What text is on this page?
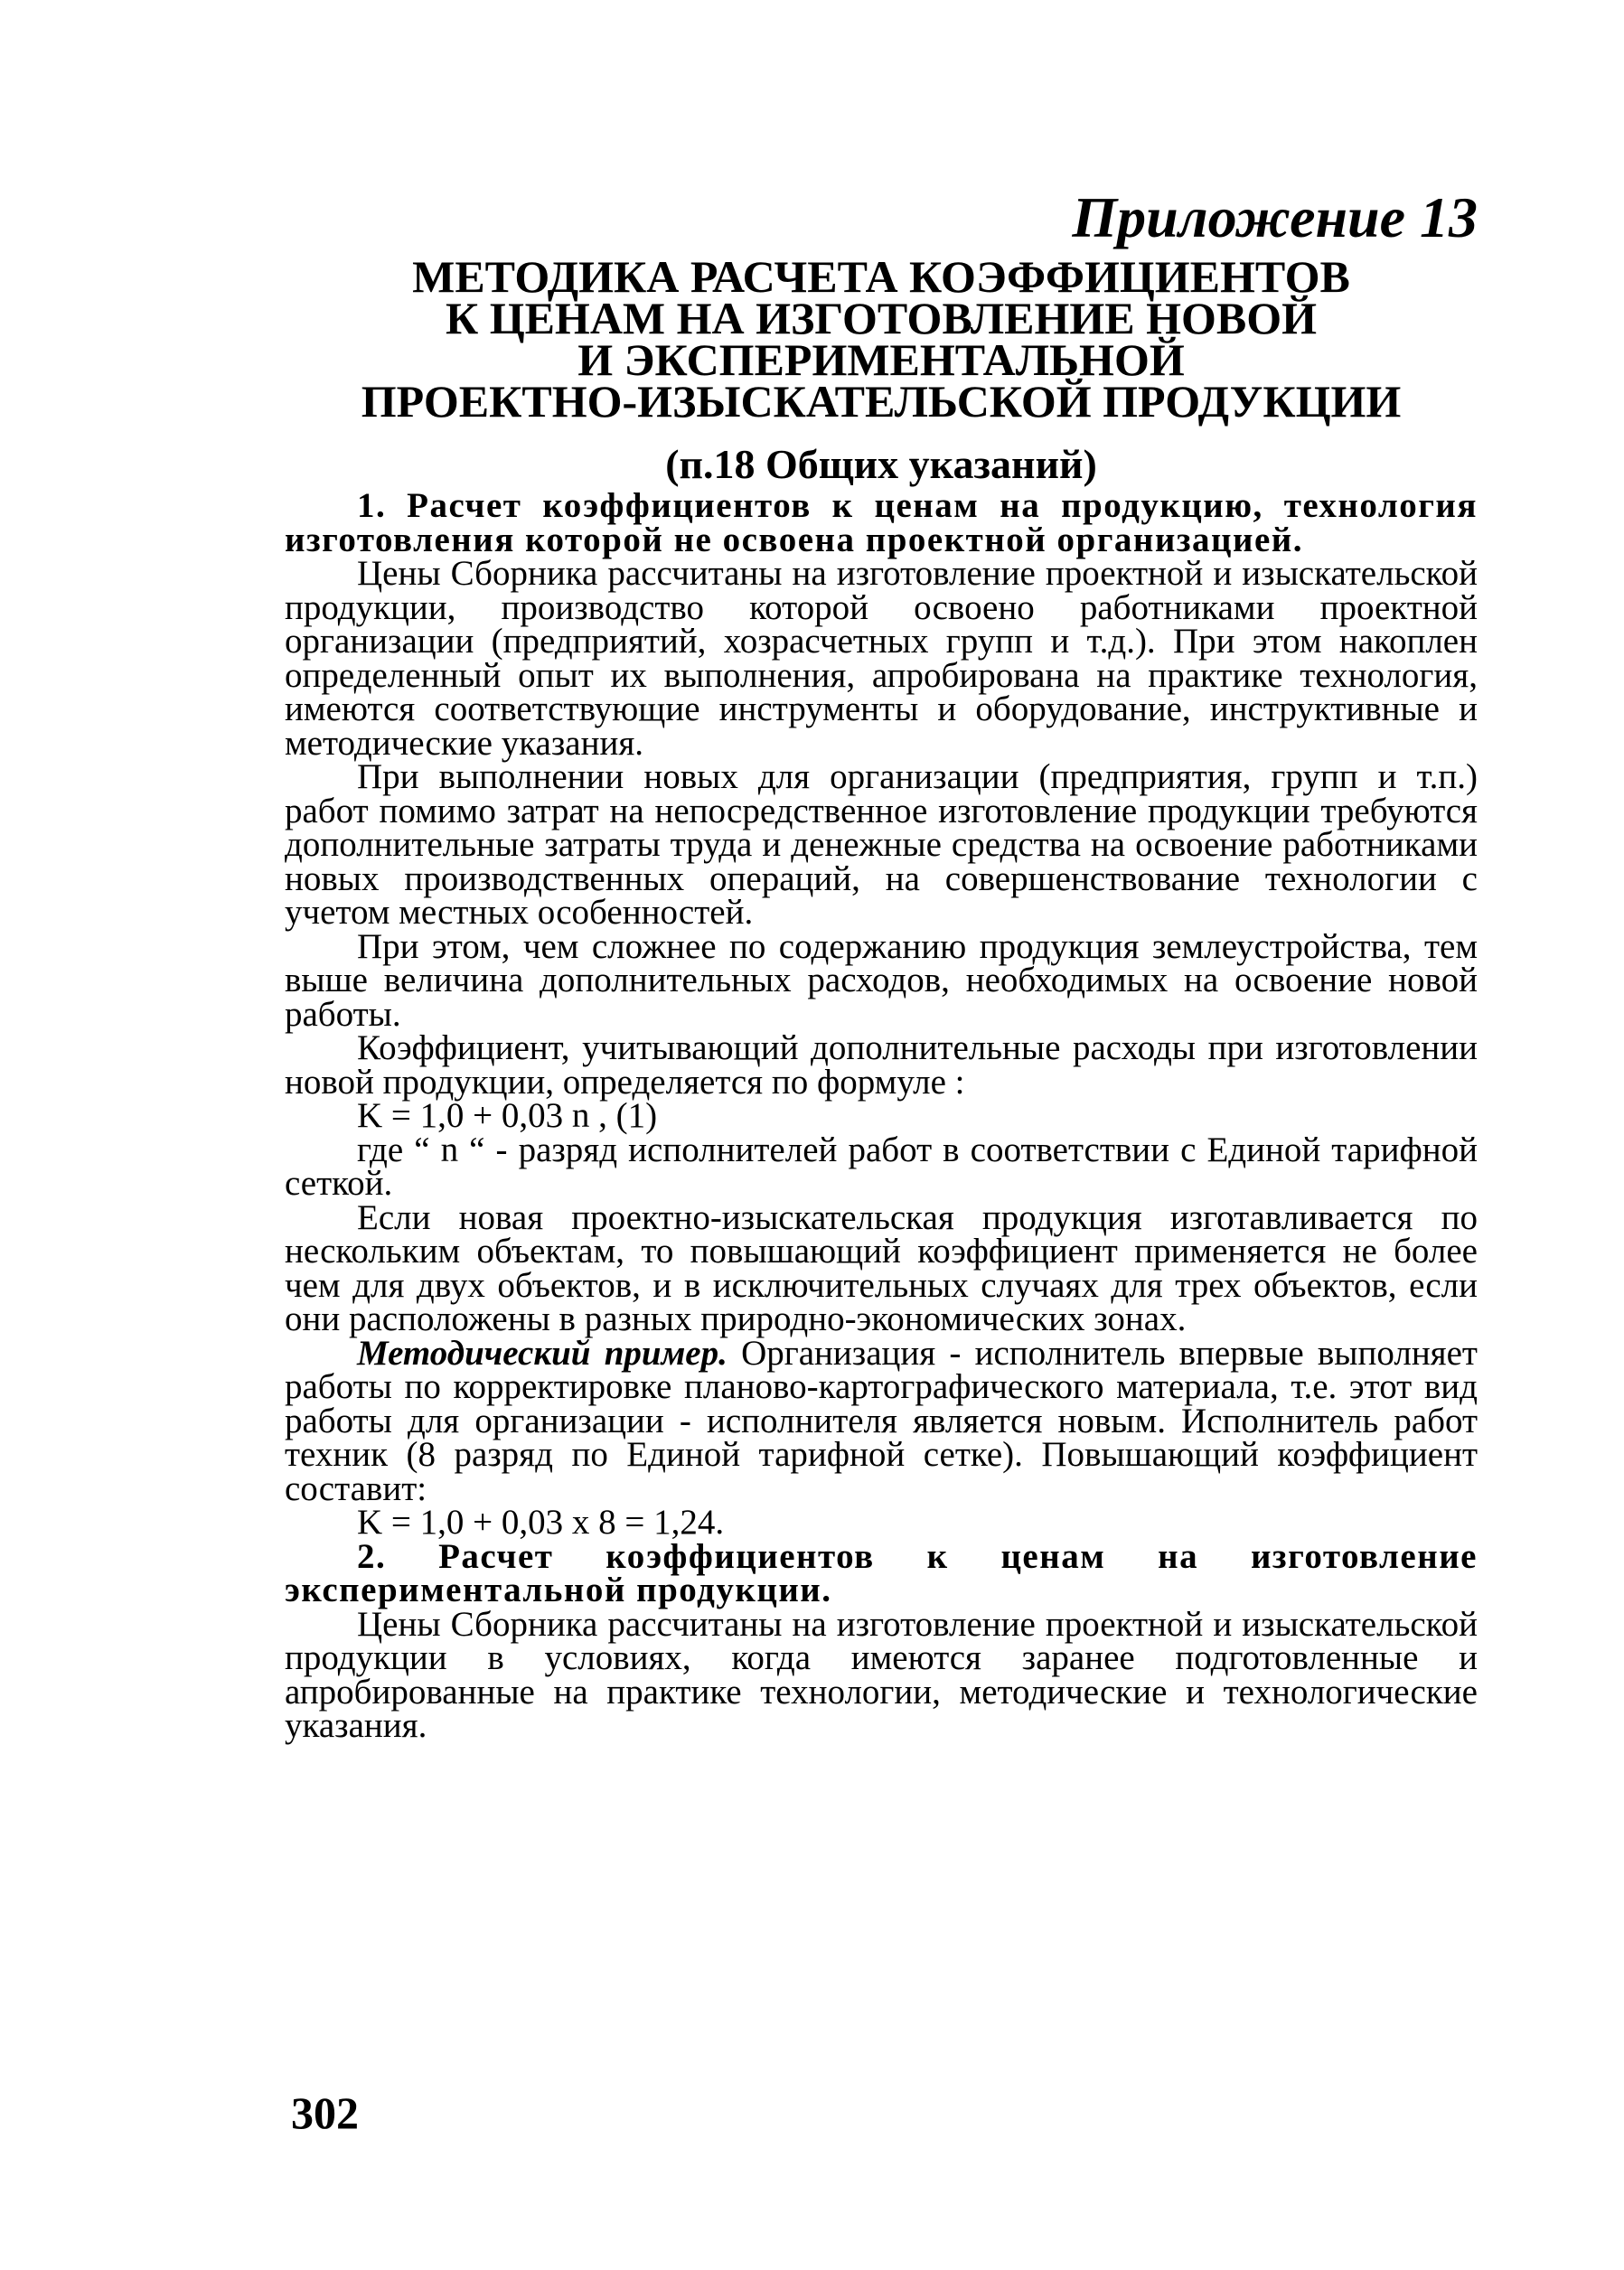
Приложение 13
МЕТОДИКА РАСЧЕТА КОЭФФИЦИЕНТОВ
К ЦЕНАМ НА ИЗГОТОВЛЕНИЕ НОВОЙ
И ЭКСПЕРИМЕНТАЛЬНОЙ
ПРОЕКТНО-ИЗЫСКАТЕЛЬСКОЙ ПРОДУКЦИИ
(п.18 Общих указаний)

1. Расчет коэффициентов к ценам на продукцию, технология изготовления которой не освоена проектной организацией.

Цены Сборника рассчитаны на изготовление проектной и изыскательской продукции, производство которой освоено работниками проектной организации (предприятий, хозрасчетных групп и т.д.). При этом накоплен определенный опыт их выполнения, апробирована на практике технология, имеются соответствующие инструменты и оборудование, инструктивные и методические указания.

При выполнении новых для организации (предприятия, групп и т.п.) работ помимо затрат на непосредственное изготовление продукции требуются дополнительные затраты труда и денежные средства на освоение работниками новых производственных операций, на совершенствование технологии с учетом местных особенностей.

При этом, чем сложнее по содержанию продукция землеустройства, тем выше величина дополнительных расходов, необходимых на освоение новой работы.

Коэффициент, учитывающий дополнительные расходы при изготовлении новой продукции, определяется по формуле :

K = 1,0 + 0,03 n , (1)

где “ n “ - разряд исполнителей работ в соответствии с Единой тарифной сеткой.

Если новая проектно-изыскательская продукция изготавливается по нескольким объектам, то повышающий коэффициент применяется не более чем для двух объектов, и в исключительных случаях для трех объектов, если они расположены в разных природно-экономических зонах.

Методический пример. Организация - исполнитель впервые выполняет работы по корректировке планово-картографического материала, т.е. этот вид работы для организации - исполнителя является новым. Исполнитель работ техник (8 разряд по Единой тарифной сетке). Повышающий коэффициент составит:

K = 1,0 + 0,03 x 8 = 1,24.

2. Расчет коэффициентов к ценам на изготовление экспериментальной продукции.

Цены Сборника рассчитаны на изготовление проектной и изыскательской продукции в условиях, когда имеются заранее подготовленные и апробированные на практике технологии, методические и технологические указания.

302
